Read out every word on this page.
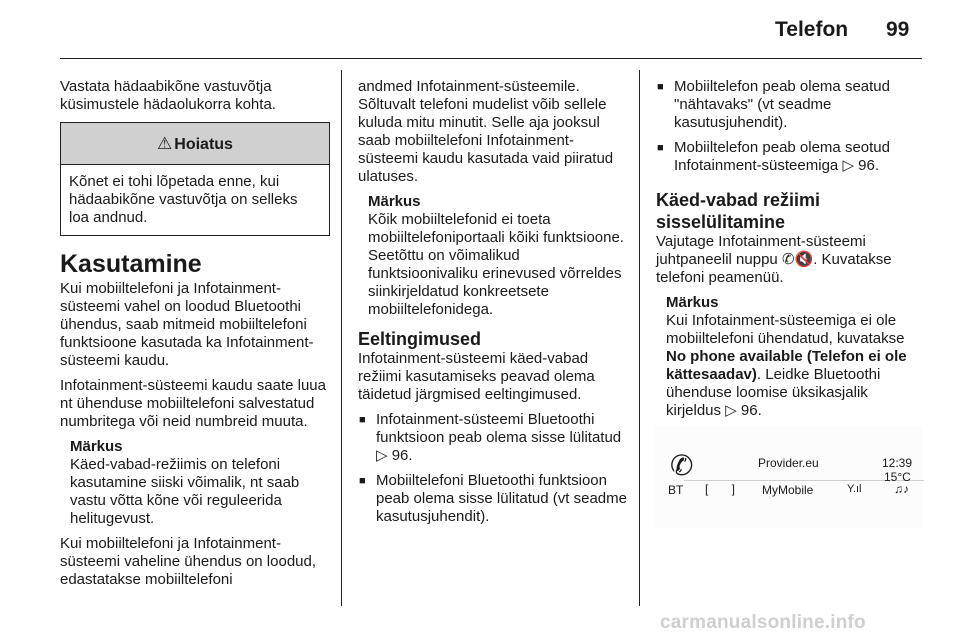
Telefon 99

Vastata hädaabikõne vastuvõtja küsimustele hädaolukorra kohta.

⚠ Hoiatus
Kõnet ei tohi lõpetada enne, kui hädaabikõne vastuvõtja on selleks loa andnud.
Kasutamine

Kui mobiiltelefoni ja Infotainment-süsteemi vahel on loodud Bluetoothi ühendus, saab mitmeid mobiiltelefoni funktsioone kasutada ka Infotainment-süsteemi kaudu.

Infotainment-süsteemi kaudu saate luua nt ühenduse mobiiltelefoni salvestatud numbritega või neid numbreid muuta.

Märkus
Käed-vabad-režiimis on telefoni kasutamine siiski võimalik, nt saab vastu võtta kõne või reguleerida helitugevust.

Kui mobiiltelefoni ja Infotainment-süsteemi vaheline ühendus on loodud, edastatakse mobiiltelefoni

andmed Infotainment-süsteemile. Sõltuvalt telefoni mudelist võib sellele kuluda mitu minutit. Selle aja jooksul saab mobiiltelefoni Infotainment-süsteemi kaudu kasutada vaid piiratud ulatuses.

Märkus
Kõik mobiiltelefonid ei toeta mobiiltelefoniportaali kõiki funktsioone. Seetõttu on võimalikud funktsioonivaliku erinevused võrreldes siinkirjeldatud konkreetsete mobiiltelefonidega.
Eeltingimused

Infotainment-süsteemi käed-vabad režiimi kasutamiseks peavad olema täidetud järgmised eeltingimused.

■ Infotainment-süsteemi Bluetoothi funktsioon peab olema sisse lülitatud ▷ 96.
■ Mobiiltelefoni Bluetoothi funktsioon peab olema sisse lülitatud (vt seadme kasutusjuhendit).
■ Mobiiltelefon peab olema seatud "nähtavaks" (vt seadme kasutusjuhendit).
■ Mobiiltelefon peab olema seotud Infotainment-süsteemiga ▷ 96.
Käed-vabad režiimi
sisselülitamine

Vajutage Infotainment-süsteemi juhtpaneelil nuppu ✆🔇. Kuvatakse telefoni peamenüü.

Märkus
Kui Infotainment-süsteemiga ei ole mobiiltelefoni ühendatud, kuvatakse No phone available (Telefon ei ole kättesaadav). Leidke Bluetoothi ühenduse loomise üksikasjalik kirjeldus ▷ 96.
✆	Provider.eu	12:39
15°C
BT [ ] MyMobile	Y.ıl	♫♪
carmanualsonline.info
